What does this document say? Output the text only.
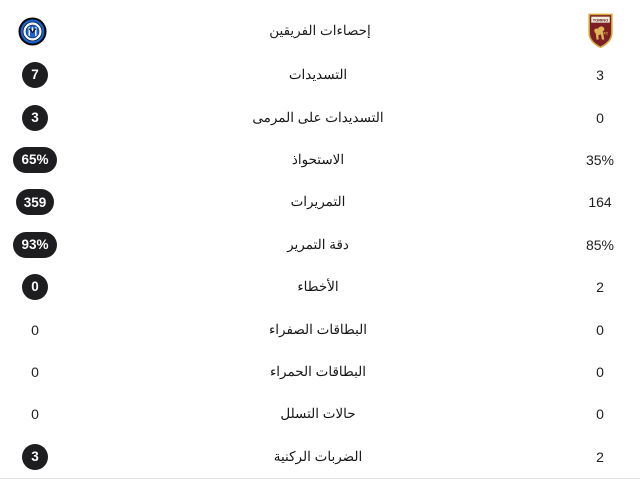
إحصاءات الفريقين
TORINO
FC
7	التسديدات	3
3	التسديدات على المرمى	0
65%	الاستحواذ	35%
359	التمريرات	164
93%	دقة التمرير	85%
0	الأخطاء	2
0	البطاقات الصفراء	0
0	البطاقات الحمراء	0
0	حالات التسلل	0
3	الضربات الركنية	2
